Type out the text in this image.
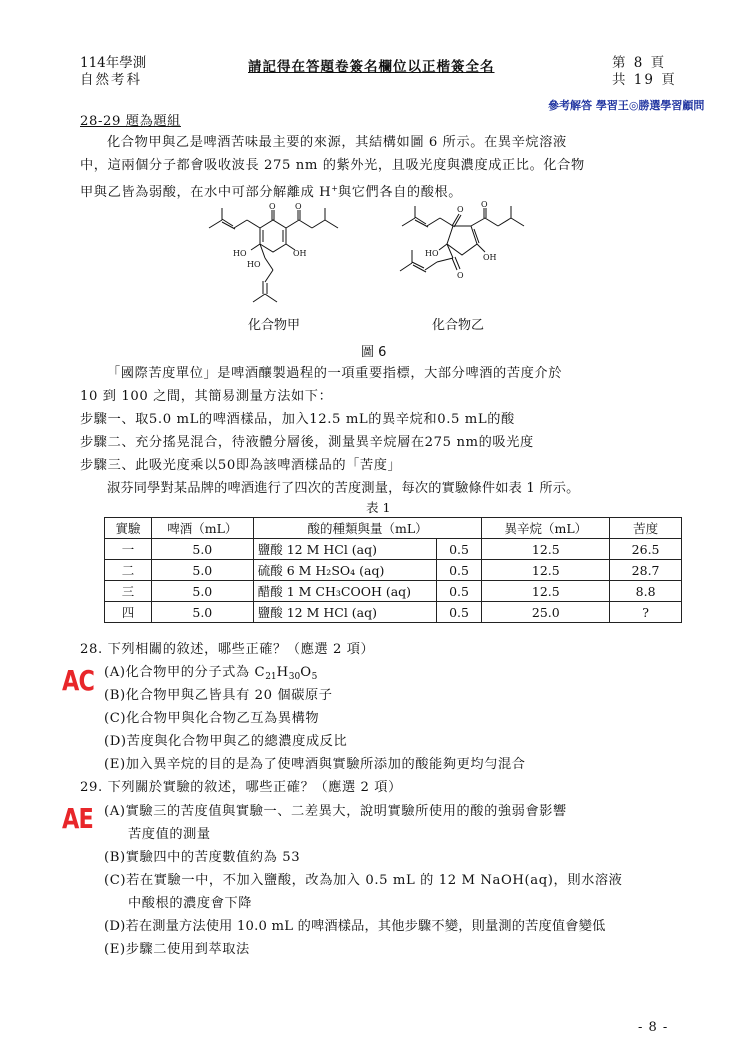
114年學測
自然考科
請記得在答題卷簽名欄位以正楷簽全名	第 8 頁
共 19 頁
參考解答 學習王◎勝選學習顧問
28-29 題為題組
化合物甲與乙是啤酒苦味最主要的來源，其結構如圖 6 所示。在異辛烷溶液
中，這兩個分子都會吸收波長 275 nm 的紫外光，且吸光度與濃度成正比。化合物
甲與乙皆為弱酸，在水中可部分解離成 H+與它們各自的酸根。
O O
HO
HO
OH
O
O
HO	OH
O
化合物甲	化合物乙
圖 6
「國際苦度單位」是啤酒釀製過程的一項重要指標，大部分啤酒的苦度介於
10 到 100 之間，其簡易測量方法如下：
步驟一、取5.0 mL的啤酒樣品，加入12.5 mL的異辛烷和0.5 mL的酸
步驟二、充分搖晃混合，待液體分層後，測量異辛烷層在275 nm的吸光度
步驟三、此吸光度乘以50即為該啤酒樣品的「苦度」
淑芬同學對某品牌的啤酒進行了四次的苦度測量，每次的實驗條件如表 1 所示。
表 1
實驗	啤酒（mL）	酸的種類與量（mL）		異辛烷（mL）	苦度
一	5.0	鹽酸 12 M HCl (aq)	0.5	12.5	26.5
二	5.0	硫酸 6 M H₂SO₄ (aq)	0.5	12.5	28.7
三	5.0	醋酸 1 M CH₃COOH (aq)	0.5	12.5	8.8
四	5.0	鹽酸 12 M HCl (aq)	0.5	25.0	?
28. 下列相關的敘述，哪些正確？（應選 2 項）
AC (A)化合物甲的分子式為 $C_{21}H_{30}O_5$
(B)化合物甲與乙皆具有 20 個碳原子
(C)化合物甲與化合物乙互為異構物
(D)苦度與化合物甲與乙的總濃度成反比
(E)加入異辛烷的目的是為了使啤酒與實驗所添加的酸能夠更均勻混合
29. 下列關於實驗的敘述，哪些正確？（應選 2 項）
AE (A)實驗三的苦度值與實驗一、二差異大，說明實驗所使用的酸的強弱會影響
苦度值的測量
(B)實驗四中的苦度數值約為 53
(C)若在實驗一中，不加入鹽酸，改為加入 0.5 mL 的 12 M NaOH(aq)，則水溶液
中酸根的濃度會下降
(D)若在測量方法使用 10.0 mL 的啤酒樣品，其他步驟不變，則量測的苦度值會變低
(E)步驟二使用到萃取法
- 8 -
